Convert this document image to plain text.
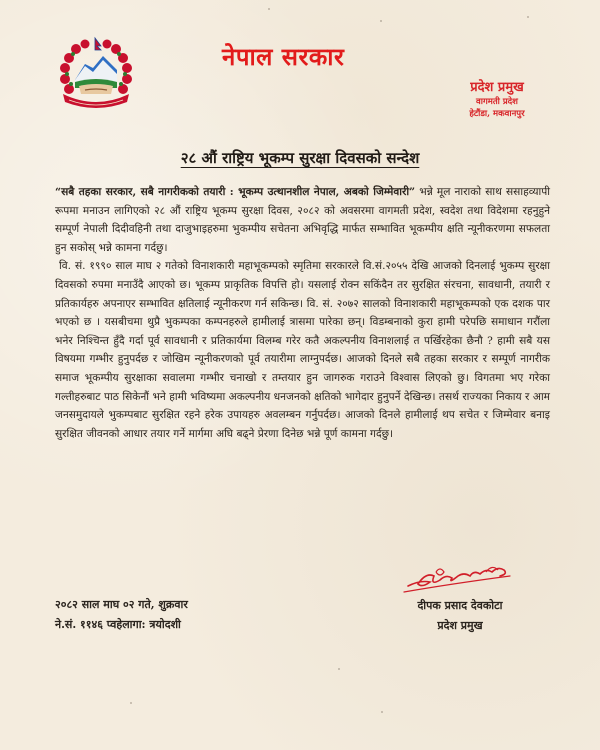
नेपाल सरकार
प्रदेश प्रमुख
वागमती प्रदेश
हेटौंडा, मकवानपुर
२८ औं राष्ट्रिय भूकम्प सुरक्षा दिवसको सन्देश

“सबै तहका सरकार, सबै नागरीकको तयारी : भूकम्प उत्थानशील नेपाल, अबको जिम्मेवारी” भन्ने मूल नाराको साथ ससाहव्यापी रूपमा मनाउन लागिएको २८ औं राष्ट्रिय भूकम्प सुरक्षा दिवस, २०८२ को अवसरमा वागमती प्रदेश, स्वदेश तथा विदेशमा रहनुहुने सम्पूर्ण नेपाली दिदीवहिनी तथा दाजुभाइहरुमा भुकम्पीय सचेतना अभिवृद्धि मार्फत सम्भावित भूकम्पीय क्षति न्यूनीकरणमा सफलता हुन सकोस् भन्ने कामना गर्दछु।

वि. सं. १९९० साल माघ २ गतेको विनाशकारी महाभूकम्पको स्मृतिमा सरकारले वि.सं.२०५५ देखि आजको दिनलाई भुकम्प सुरक्षा दिवसको रुपमा मनाउँदै आएको छ। भूकम्प प्राकृतिक विपत्ति हो। यसलाई रोक्न सकिंदैन तर सुरक्षित संरचना, सावधानी, तयारी र प्रतिकार्यहरु अपनाएर सम्भावित क्षतिलाई न्यूनीकरण गर्न सकिन्छ। वि. सं. २०७२ सालको विनाशकारी महाभूकम्पको एक दशक पार भएको छ । यसबीचमा थुप्रै भुकम्पका कम्पनहरुले हामीलाई त्रासमा पारेका छन्। विडम्बनाको कुरा हामी परेपछि समाधान गरौंला भनेर निश्चिन्त हुँदै गर्दा पूर्व सावधानी र प्रतिकार्यमा विलम्ब गरेर कतै अकल्पनीय विनाशलाई त पर्खिरहेका छैनौ ? हामी सबै यस विषयमा गम्भीर हुनुपर्दछ र जोखिम न्यूनीकरणको पूर्व तयारीमा लाग्नुपर्दछ। आजको दिनले सबै तहका सरकार र सम्पूर्ण नागरीक समाज भूकम्पीय सुरक्षाका सवालमा गम्भीर चनाखो र तम्तयार हुन जागरुक गराउने विश्वास लिएको छु। विगतमा भए गरेका गल्तीहरुबाट पाठ सिकेनौं भने हामी भविष्यमा अकल्पनीय धनजनको क्षतिको भागेदार हुनुपर्ने देखिन्छ। तसर्थ राज्यका निकाय र आम जनसमुदायले भुकम्पबाट सुरक्षित रहने हरेक उपायहरु अवलम्बन गर्नुपर्दछ। आजको दिनले हामीलाई थप सचेत र जिम्मेवार बनाइ सुरक्षित जीवनको आधार तयार गर्ने मार्गमा अघि बढ्ने प्रेरणा दिनेछ भन्ने पूर्ण कामना गर्दछु।

२०८२ साल माघ ०२ गते, शुक्रवार
ने.सं. ११४६ प्वहेलागा: त्रयोदशी
दीपक प्रसाद देवकोटा
प्रदेश प्रमुख
